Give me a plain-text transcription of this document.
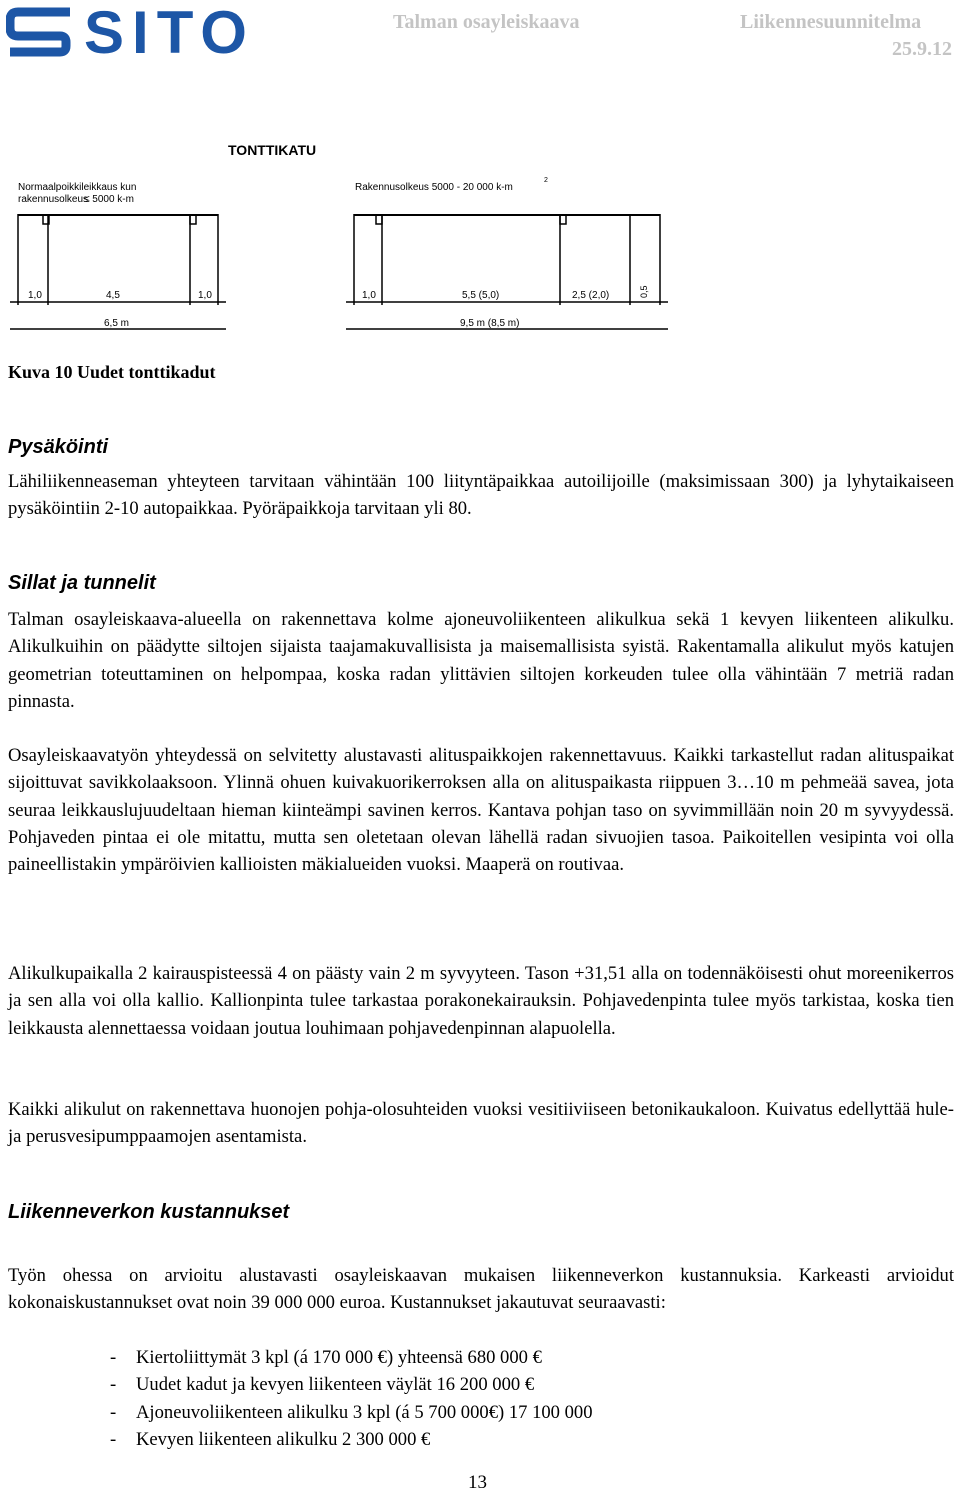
SITO	Talman osayleiskaava	Liikennesuunnitelma
25.9.12
TONTTIKATU
Normaalpoikkileikkaus kun
rakennusolkeus
≤ 5000 k-m
1,0	4,5	1,0
6,5 m
Rakennusolkeus 5000 - 20 000 k-m
2
1,0	5,5 (5,0)	2,5 (2,0)	0,5
9,5 m (8,5 m)
Kuva 10 Uudet tonttikadut
Pysäköinti

Lähiliikenneaseman yhteyteen tarvitaan vähintään 100 liityntäpaikkaa autoilijoille (maksimissaan 300) ja lyhytaikaiseen pysäköintiin 2-10 autopaikkaa. Pyöräpaikkoja tarvitaan yli 80.

Sillat ja tunnelit

Talman osayleiskaava-alueella on rakennettava kolme ajoneuvoliikenteen alikulkua sekä 1 kevyen liikenteen alikulku. Alikulkuihin on päädytte siltojen sijaista taajamakuvallisista ja maisemallisista syistä. Rakentamalla alikulut myös katujen geometrian toteuttaminen on helpompaa, koska radan ylittävien siltojen korkeuden tulee olla vähintään 7 metriä radan pinnasta.

Osayleiskaavatyön yhteydessä on selvitetty alustavasti alituspaikkojen rakennettavuus. Kaikki tarkastellut radan alituspaikat sijoittuvat savikkolaaksoon. Ylinnä ohuen kuivakuorikerroksen alla on alituspaikasta riippuen 3…10 m pehmeää savea, jota seuraa leikkauslujuudeltaan hieman kiinteämpi savinen kerros. Kantava pohjan taso on syvimmillään noin 20 m syvyydessä. Pohjaveden pintaa ei ole mitattu, mutta sen oletetaan olevan lähellä radan sivuojien tasoa. Paikoitellen vesipinta voi olla paineellistakin ympäröivien kallioisten mäkialueiden vuoksi. Maaperä on routivaa.

Alikulkupaikalla 2 kairauspisteessä 4 on päästy vain 2 m syvyyteen. Tason +31,51 alla on todennäköisesti ohut moreenikerros ja sen alla voi olla kallio. Kallionpinta tulee tarkastaa porakonekairauksin. Pohjavedenpinta tulee myös tarkistaa, koska tien leikkausta alennettaessa voidaan joutua louhimaan pohjavedenpinnan alapuolella.

Kaikki alikulut on rakennettava huonojen pohja-olosuhteiden vuoksi vesitiiviiseen betonikaukaloon. Kuivatus edellyttää hule- ja perusvesipumppaamojen asentamista.

Liikenneverkon kustannukset

Työn ohessa on arvioitu alustavasti osayleiskaavan mukaisen liikenneverkon kustannuksia. Karkeasti arvioidut kokonaiskustannukset ovat noin 39 000 000 euroa. Kustannukset jakautuvat seuraavasti:

- Kiertoliittymät 3 kpl (á 170 000 €) yhteensä 680 000 €
- Uudet kadut ja kevyen liikenteen väylät 16 200 000 €
- Ajoneuvoliikenteen alikulku 3 kpl (á 5 700 000€) 17 100 000
- Kevyen liikenteen alikulku 2 300 000 €
13
